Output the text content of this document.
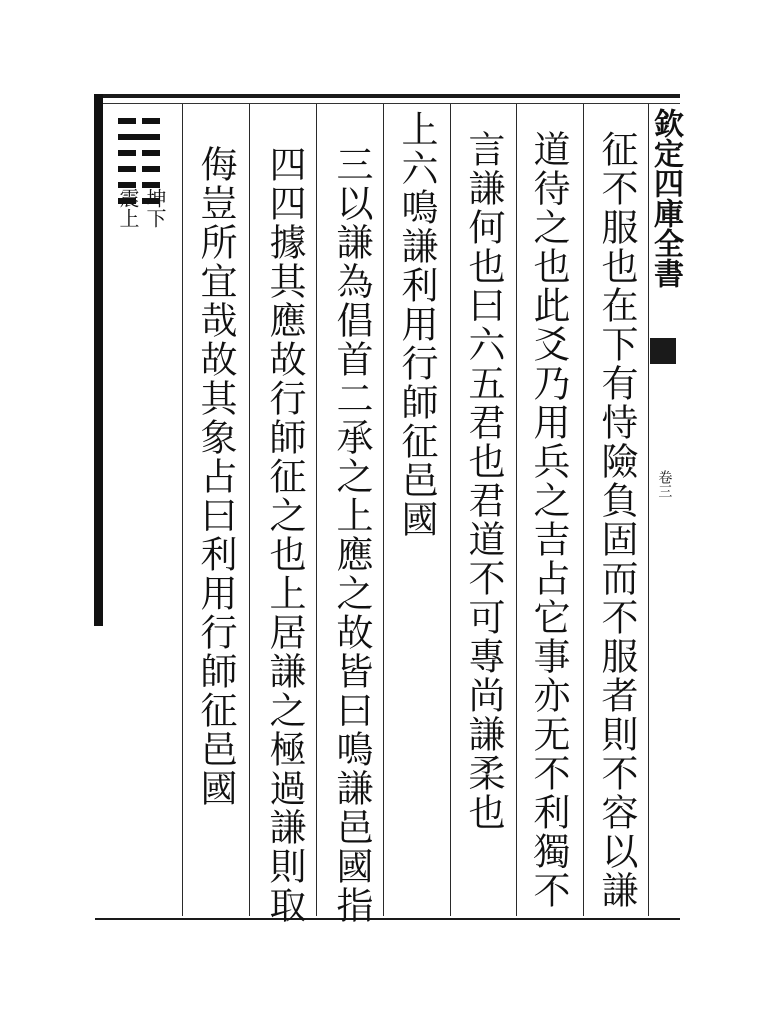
欽定四庫全書
卷三
征不服也在下有恃險負固而不服者則不容以謙
道待之也此爻乃用兵之吉占它事亦无不利獨不
言謙何也曰六五君也君道不可專尚謙柔也
上六鳴謙利用行師征邑國
三以謙為倡首二承之上應之故皆曰鳴謙邑國指
四四據其應故行師征之也上居謙之極過謙則取
侮豈所宜哉故其象占曰利用行師征邑國
坤下
震上
